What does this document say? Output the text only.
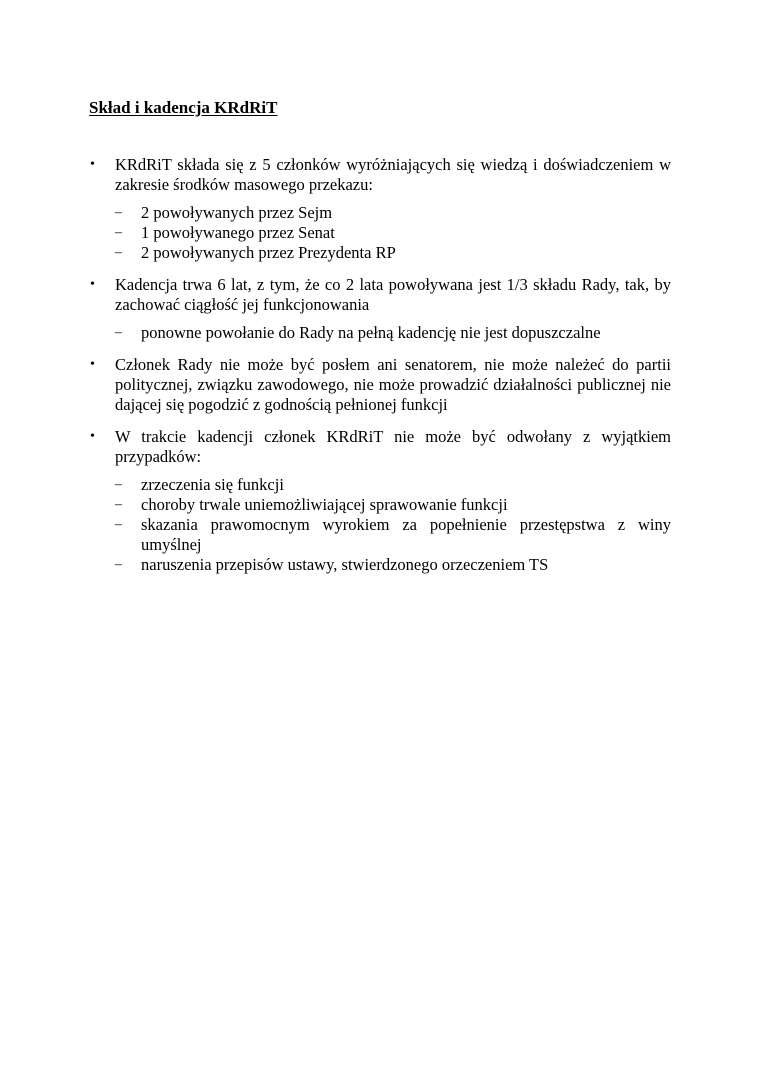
Skład i kadencja KRdRiT
• KRdRiT składa się z 5 członków wyróżniających się wiedzą i doświadczeniem w zakresie środków masowego przekazu:
– 2 powoływanych przez Sejm
– 1 powoływanego przez Senat
– 2 powoływanych przez Prezydenta RP
• Kadencja trwa 6 lat, z tym, że co 2 lata powoływana jest 1/3 składu Rady, tak, by zachować ciągłość jej funkcjonowania
– ponowne powołanie do Rady na pełną kadencję nie jest dopuszczalne
• Członek Rady nie może być posłem ani senatorem, nie może należeć do partii politycznej, związku zawodowego, nie może prowadzić działalności publicznej nie dającej się pogodzić z godnością pełnionej funkcji
• W trakcie kadencji członek KRdRiT nie może być odwołany z wyjątkiem przypadków:
– zrzeczenia się funkcji
– choroby trwale uniemożliwiającej sprawowanie funkcji
– skazania prawomocnym wyrokiem za popełnienie przestępstwa z winy umyślnej
– naruszenia przepisów ustawy, stwierdzonego orzeczeniem TS
